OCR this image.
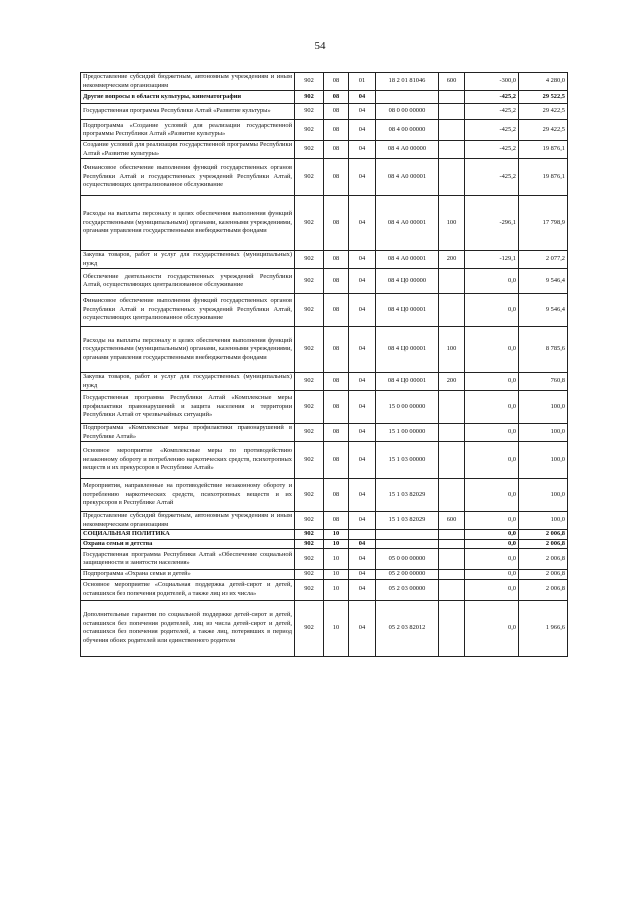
54
Предоставление субсидий бюджетным, автономным учреждениям и иным некоммерческим организациям	902	08	01	18 2 01 81046	600	-300,0	4 280,0
Другие вопросы в области культуры, кинематографии	902	08	04			-425,2	29 522,5
Государственная программа Республики Алтай «Развитие культуры»	902	08	04	08 0 00 00000		-425,2	29 422,5
Подпрограмма «Создание условий для реализации государственной программы Республики Алтай «Развитие культуры»	902	08	04	08 4 00 00000		-425,2	29 422,5
Создание условий для реализации государственной программы Республики Алтай «Развитие культуры»	902	08	04	08 4 А0 00000		-425,2	19 876,1
Финансовое обеспечение выполнения функций государственных органов Республики Алтай и государственных учреждений Республики Алтай, осуществляющих централизованное обслуживание	902	08	04	08 4 А0 00001		-425,2	19 876,1
Расходы на выплаты персоналу в целях обеспечения выполнения функций государственными (муниципальными) органами, казенными учреждениями, органами управления государственными внебюджетными фондами	902	08	04	08 4 А0 00001	100	-296,1	17 798,9
Закупка товаров, работ и услуг для государственных (муниципальных) нужд	902	08	04	08 4 А0 00001	200	-129,1	2 077,2
Обеспечение деятельности государственных учреждений Республики Алтай, осуществляющих централизованное обслуживание	902	08	04	08 4 Ц0 00000		0,0	9 546,4
Финансовое обеспечение выполнения функций государственных органов Республики Алтай и государственных учреждений Республики Алтай, осуществляющих централизованное обслуживание	902	08	04	08 4 Ц0 00001		0,0	9 546,4
Расходы на выплаты персоналу в целях обеспечения выполнения функций государственными (муниципальными) органами, казенными учреждениями, органами управления государственными внебюджетными фондами	902	08	04	08 4 Ц0 00001	100	0,0	8 785,6
Закупка товаров, работ и услуг для государственных (муниципальных) нужд	902	08	04	08 4 Ц0 00001	200	0,0	760,8
Государственная программа Республики Алтай «Комплексные меры профилактики правонарушений и защита населения и территории Республики Алтай от чрезвычайных ситуаций»	902	08	04	15 0 00 00000		0,0	100,0
Подпрограмма «Комплексные меры профилактики правонарушений в Республике Алтай»	902	08	04	15 1 00 00000		0,0	100,0
Основное мероприятие «Комплексные меры по противодействию незаконному обороту и потреблению наркотических средств, психотропных веществ и их прекурсоров в Республике Алтай»	902	08	04	15 1 03 00000		0,0	100,0
Мероприятия, направленные на противодействие незаконному обороту и потреблению наркотических средств, психотропных веществ и их прекурсоров в Республике Алтай	902	08	04	15 1 03 82029		0,0	100,0
Предоставление субсидий бюджетным, автономным учреждениям и иным некоммерческим организациям	902	08	04	15 1 03 82029	600	0,0	100,0
СОЦИАЛЬНАЯ ПОЛИТИКА	902	10				0,0	2 006,8
Охрана семьи и детства	902	10	04			0,0	2 006,8
Государственная программа Республики Алтай «Обеспечение социальной защищенности и занятости населения»	902	10	04	05 0 00 00000		0,0	2 006,8
Подпрограмма «Охрана семьи и детей»	902	10	04	05 2 00 00000		0,0	2 006,8
Основное мероприятие «Социальная поддержка детей-сирот и детей, оставшихся без попечения родителей, а также лиц из их числа»	902	10	04	05 2 03 00000		0,0	2 006,8
Дополнительные гарантии по социальной поддержке детей-сирот и детей, оставшихся без попечения родителей, лиц из числа детей-сирот и детей, оставшихся без попечения родителей, а также лиц, потерявших в период обучения обоих родителей или единственного родителя	902	10	04	05 2 03 82012		0,0	1 966,6
